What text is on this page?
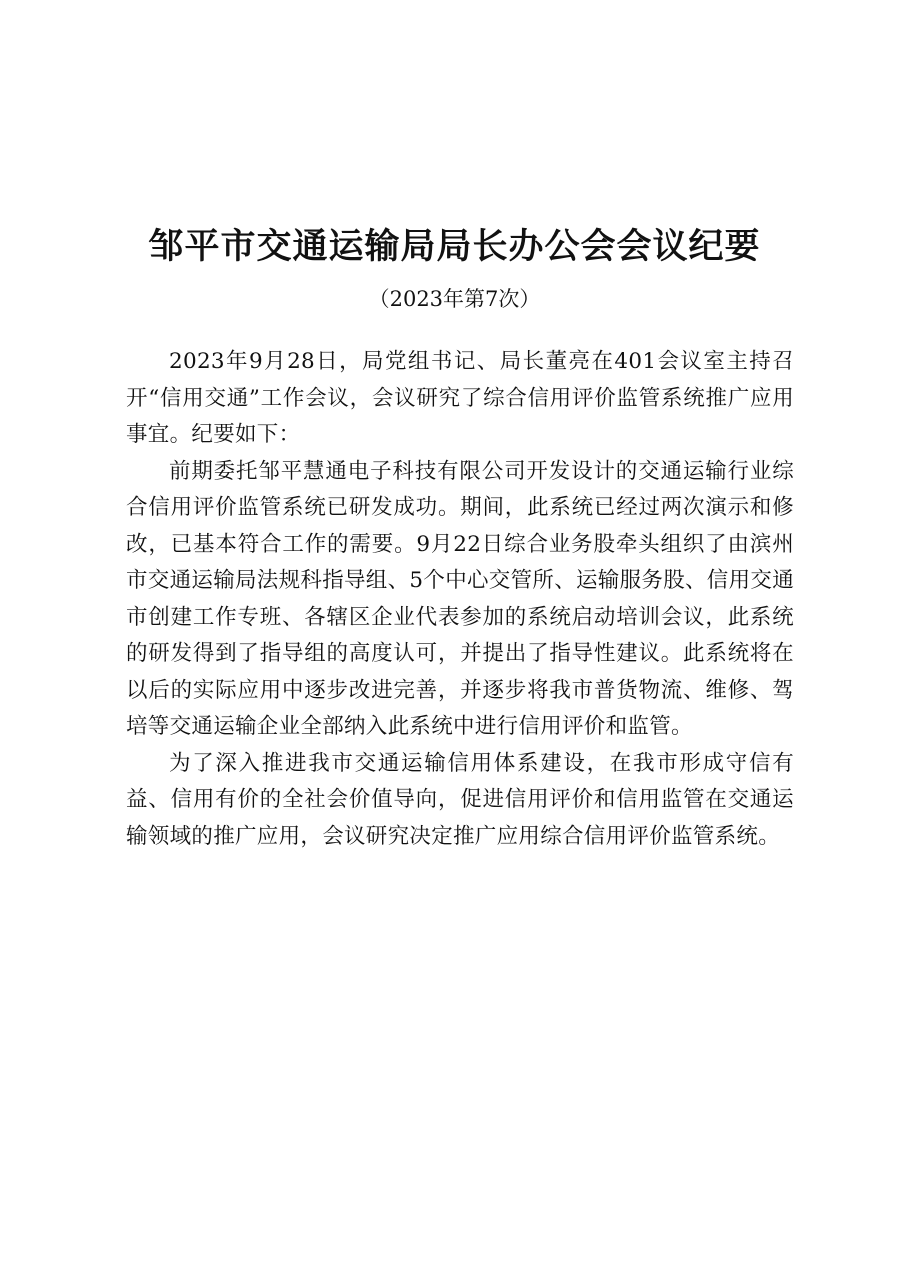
邹平市交通运输局局长办公会会议纪要

（2023年第7次）

2023年9月28日，局党组书记、局长董亮在401会议室主持召开“信用交通”工作会议，会议研究了综合信用评价监管系统推广应用事宜。纪要如下：

前期委托邹平慧通电子科技有限公司开发设计的交通运输行业综合信用评价监管系统已研发成功。期间，此系统已经过两次演示和修改，已基本符合工作的需要。9月22日综合业务股牵头组织了由滨州市交通运输局法规科指导组、5个中心交管所、运输服务股、信用交通市创建工作专班、各辖区企业代表参加的系统启动培训会议，此系统的研发得到了指导组的高度认可，并提出了指导性建议。此系统将在以后的实际应用中逐步改进完善，并逐步将我市普货物流、维修、驾培等交通运输企业全部纳入此系统中进行信用评价和监管。

为了深入推进我市交通运输信用体系建设，在我市形成守信有益、信用有价的全社会价值导向，促进信用评价和信用监管在交通运输领域的推广应用，会议研究决定推广应用综合信用评价监管系统。
